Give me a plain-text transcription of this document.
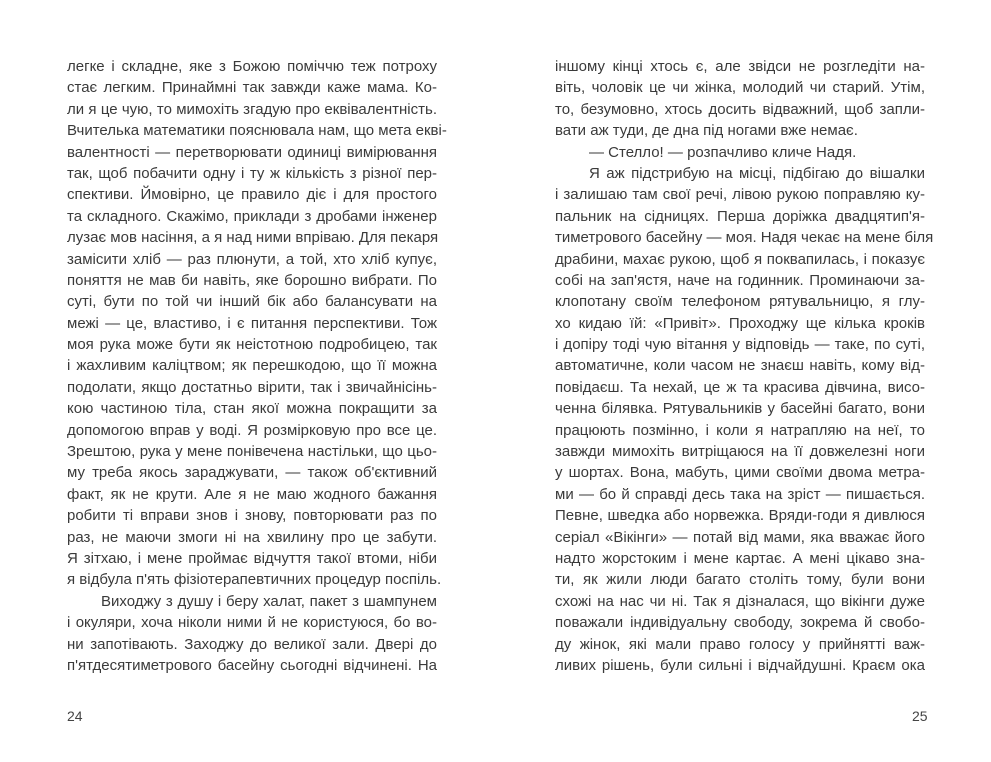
легке і складне, яке з Божою поміччю теж потроху
стає легким. Принаймні так завжди каже мама. Ко-
ли я це чую, то мимохіть згадую про еквівалентність.
Вчителька математики пояснювала нам, що мета екві-
валентності — перетворювати одиниці вимірювання
так, щоб побачити одну і ту ж кількість з різної пер-
спективи. Ймовірно, це правило діє і для простого
та складного. Скажімо, приклади з дробами інженер
лузає мов насіння, а я над ними впріваю. Для пекаря
замісити хліб — раз плюнути, а той, хто хліб купує,
поняття не мав би навіть, яке борошно вибрати. По
суті, бути по той чи інший бік або балансувати на
межі — це, властиво, і є питання перспективи. Тож
моя рука може бути як неістотною подробицею, так
і жахливим каліцтвом; як перешкодою, що її можна
подолати, якщо достатньо вірити, так і звичайнісінь-
кою частиною тіла, стан якої можна покращити за
допомогою вправ у воді. Я розмірковую про все це.
Зрештою, рука у мене понівечена настільки, що цьо-
му треба якось зараджувати, — також об'єктивний
факт, як не крути. Але я не маю жодного бажання
робити ті вправи знов і знову, повторювати раз по
раз, не маючи змоги ні на хвилину про це забути.
Я зітхаю, і мене проймає відчуття такої втоми, ніби
я відбула п'ять фізіотерапевтичних процедур поспіль.
Виходжу з душу і беру халат, пакет з шампунем
і окуляри, хоча ніколи ними й не користуюся, бо во-
ни запотівають. Заходжу до великої зали. Двері до
п'ятдесятиметрового басейну сьогодні відчинені. На
іншому кінці хтось є, але звідси не розгледіти на-
віть, чоловік це чи жінка, молодий чи старий. Утім,
то, безумовно, хтось досить відважний, щоб запли-
вати аж туди, де дна під ногами вже немає.
— Стелло! — розпачливо кличе Надя.
Я аж підстрибую на місці, підбігаю до вішалки
і залишаю там свої речі, лівою рукою поправляю ку-
пальник на сідницях. Перша доріжка двадцятип'я-
тиметрового басейну — моя. Надя чекає на мене біля
драбини, махає рукою, щоб я поквапилась, і показує
собі на зап'ястя, наче на годинник. Проминаючи за-
клопотану своїм телефоном рятувальницю, я глу-
хо кидаю їй: «Привіт». Проходжу ще кілька кроків
і допіру тоді чую вітання у відповідь — таке, по суті,
автоматичне, коли часом не знаєш навіть, кому від-
повідаєш. Та нехай, це ж та красива дівчина, висо-
ченна білявка. Рятувальників у басейні багато, вони
працюють позмінно, і коли я натрапляю на неї, то
завжди мимохіть витріщаюся на її довжелезні ноги
у шортах. Вона, мабуть, цими своїми двома метра-
ми — бо й справді десь така на зріст — пишається.
Певне, шведка або норвежка. Вряди-годи я дивлюся
серіал «Вікінги» — потай від мами, яка вважає його
надто жорстоким і мене картає. А мені цікаво зна-
ти, як жили люди багато століть тому, були вони
схожі на нас чи ні. Так я дізналася, що вікінги дуже
поважали індивідуальну свободу, зокрема й свобо-
ду жінок, які мали право голосу у прийнятті важ-
ливих рішень, були сильні і відчайдушні. Краєм ока
24	25
